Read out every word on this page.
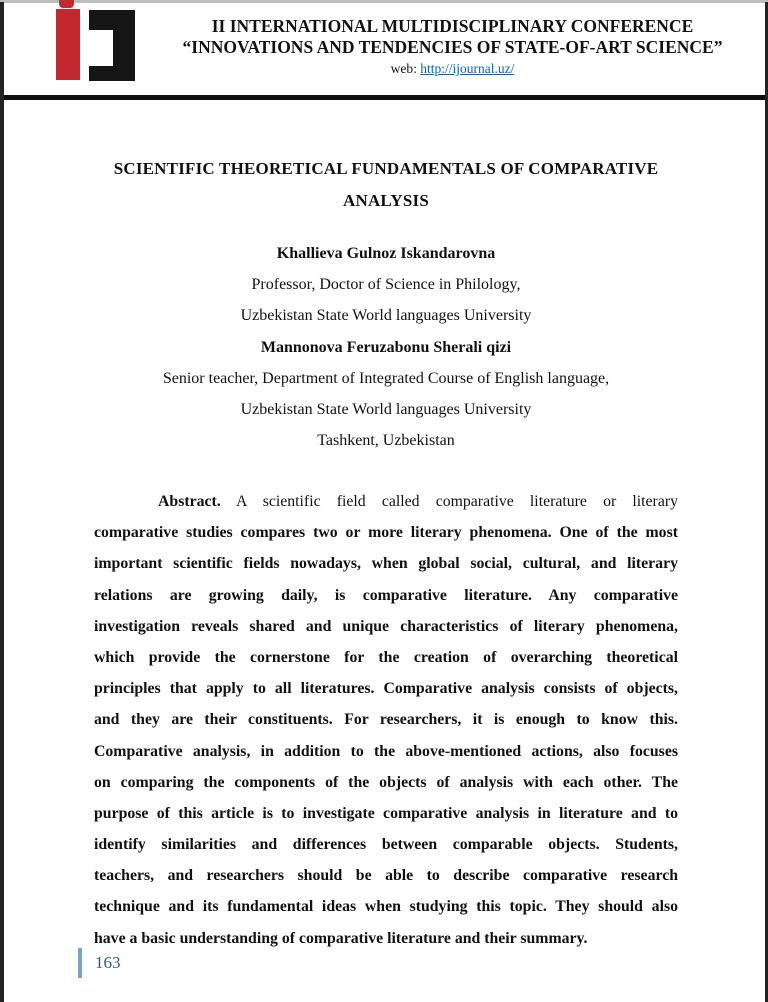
II INTERNATIONAL MULTIDISCIPLINARY CONFERENCE
“INNOVATIONS AND TENDENCIES OF STATE-OF-ART SCIENCE”
web: http://ijournal.uz/
SCIENTIFIC THEORETICAL FUNDAMENTALS OF COMPARATIVE
ANALYSIS
Khallieva Gulnoz Iskandarovna
Professor, Doctor of Science in Philology,
Uzbekistan State World languages University
Mannonova Feruzabonu Sherali qizi
Senior teacher, Department of Integrated Course of English language,
Uzbekistan State World languages University
Tashkent, Uzbekistan
Abstract. A scientific field called comparative literature or literary
comparative studies compares two or more literary phenomena. One of the most
important scientific fields nowadays, when global social, cultural, and literary
relations are growing daily, is comparative literature. Any comparative
investigation reveals shared and unique characteristics of literary phenomena,
which provide the cornerstone for the creation of overarching theoretical
principles that apply to all literatures. Comparative analysis consists of objects,
and they are their constituents. For researchers, it is enough to know this.
Comparative analysis, in addition to the above-mentioned actions, also focuses
on comparing the components of the objects of analysis with each other. The
purpose of this article is to investigate comparative analysis in literature and to
identify similarities and differences between comparable objects. Students,
teachers, and researchers should be able to describe comparative research
technique and its fundamental ideas when studying this topic. They should also
have a basic understanding of comparative literature and their summary.
163
